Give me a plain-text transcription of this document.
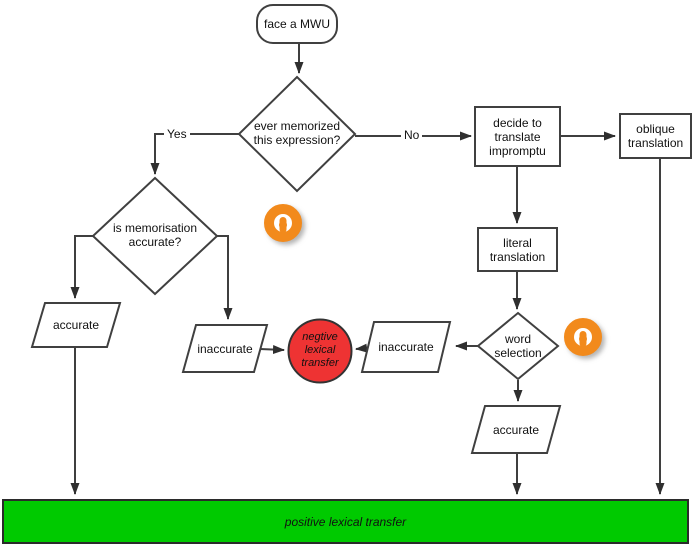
face a MWU
decide to
translate
impromptu
oblique
translation
literal
translation
ever memorized
this expression?
is memorisation
accurate?
word
selection
accurate
inaccurate	inaccurate
accurate
negtive
lexical
transfer
Yes	No
positive lexical transfer
